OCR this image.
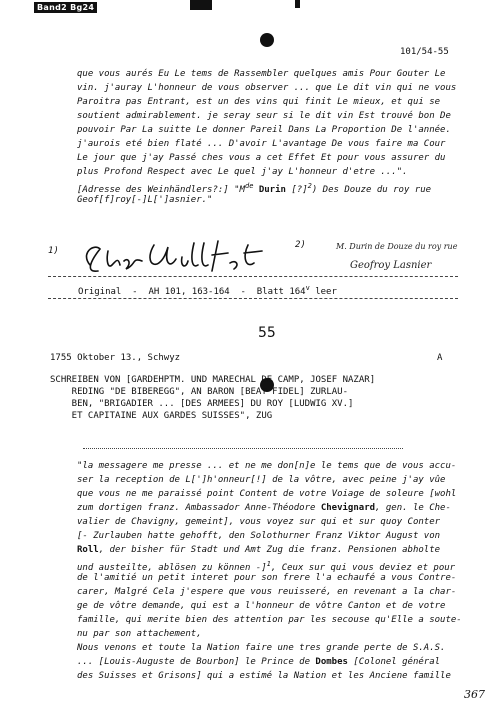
Band2 Bg24
101/54-55
que vous aurés Eu Le tems de Rassembler quelques amis Pour Gouter Le
vin. j'auray L'honneur de vous observer ... que Le dit vin qui ne vous
Paroitra pas Entrant, est un des vins qui finit Le mieux, et qui se
soutient admirablement. je seray seur si le dit vin Est trouvé bon De
pouvoir Par La suitte Le donner Pareil Dans La Proportion De l'année.
j'aurois eté bien flaté ... D'avoir L'avantage De vous faire ma Cour
Le jour que j'ay Passé ches vous a cet Effet Et pour vous assurer du
plus Profond Respect avec Le quel j'ay L'honneur d'etre ...".
[Adresse des Weinhändlers?:] "Mde Durin [?]$^2$) Des Douze du roy rue
Geof[f]roy[-]L[']asnier."
1)
2)	M. Durin de Douze du roy rue
Geofroy Lasnier
Original  -  AH 101, 163-164  -  Blatt 164$^v$ leer
55
1755 Oktober 13., Schwyz	A
SCHREIBEN VON [GARDEHPTM. UND MARECHAL DE CAMP, JOSEF NAZAR]
REDING "DE BIBEREGG", AN BARON [BEAT FIDEL] ZURLAU-
BEN, "BRIGADIER ... [DES ARMEES] DU ROY [LUDWIG XV.]
ET CAPITAINE AUX GARDES SUISSES", ZUG
"la messagere me presse ... et ne me don[n]e le tems que de vous accu-
ser la reception de L[']h'onneur[!] de la vôtre, avec peine j'ay vûe
que vous ne me paraissé point Content de votre Voiage de soleure [wohl
zum dortigen franz. Ambassador Anne-Théodore Chevignard, gen. le Che-
valier de Chavigny, gemeint], vous voyez sur qui et sur quoy Conter
[- Zurlauben hatte gehofft, den Solothurner Franz Viktor August von
Roll, der bisher für Stadt und Amt Zug die franz. Pensionen abholte
und austeilte, ablösen zu können -]$^1$, Ceux sur qui vous deviez et pour
de l'amitié un petit interet pour son frere l'a echaufé a vous Contre-
carer, Malgré Cela j'espere que vous reuisseré, en revenant a la char-
ge de vôtre demande, qui est a l'honneur de vôtre Canton et de votre
famille, qui merite bien des attention par les secouse qu'Elle a soute-
nu par son attachement,
Nous venons et toute la Nation faire une tres grande perte de S.A.S.
... [Louis-Auguste de Bourbon] le Prince de Dombes [Colonel général
des Suisses et Grisons] qui a estimé la Nation et les Anciene famille
367
